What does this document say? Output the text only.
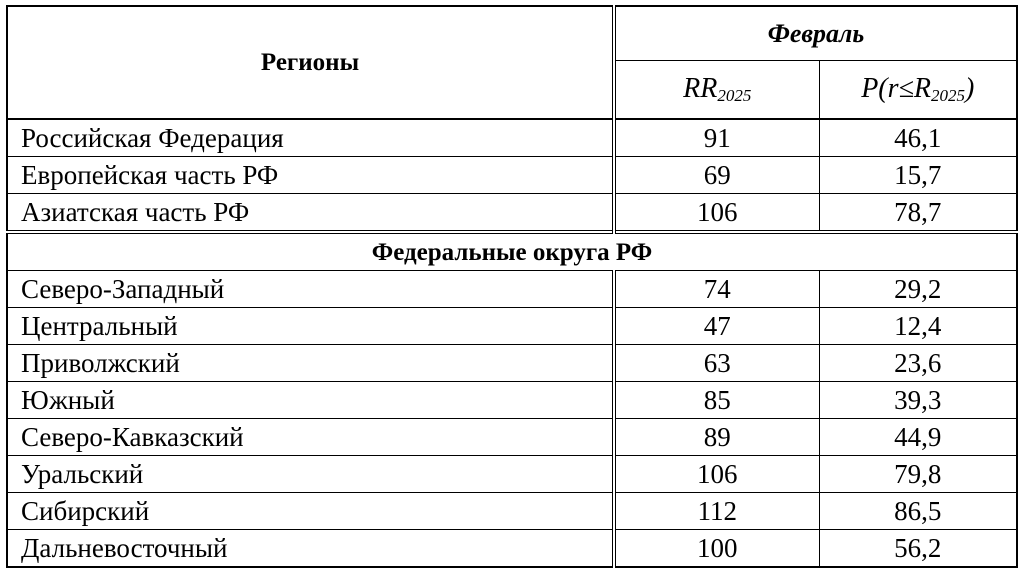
Регионы	Февраль	
	$RR_{2025}$	$P(r\le R_{2025})$
Российская Федерация	91	46,1
Европейская часть РФ	69	15,7
Азиатская часть РФ	106	78,7
Федеральные округа РФ		
Северо-Западный	74	29,2
Центральный	47	12,4
Приволжский	63	23,6
Южный	85	39,3
Северо-Кавказский	89	44,9
Уральский	106	79,8
Сибирский	112	86,5
Дальневосточный	100	56,2
